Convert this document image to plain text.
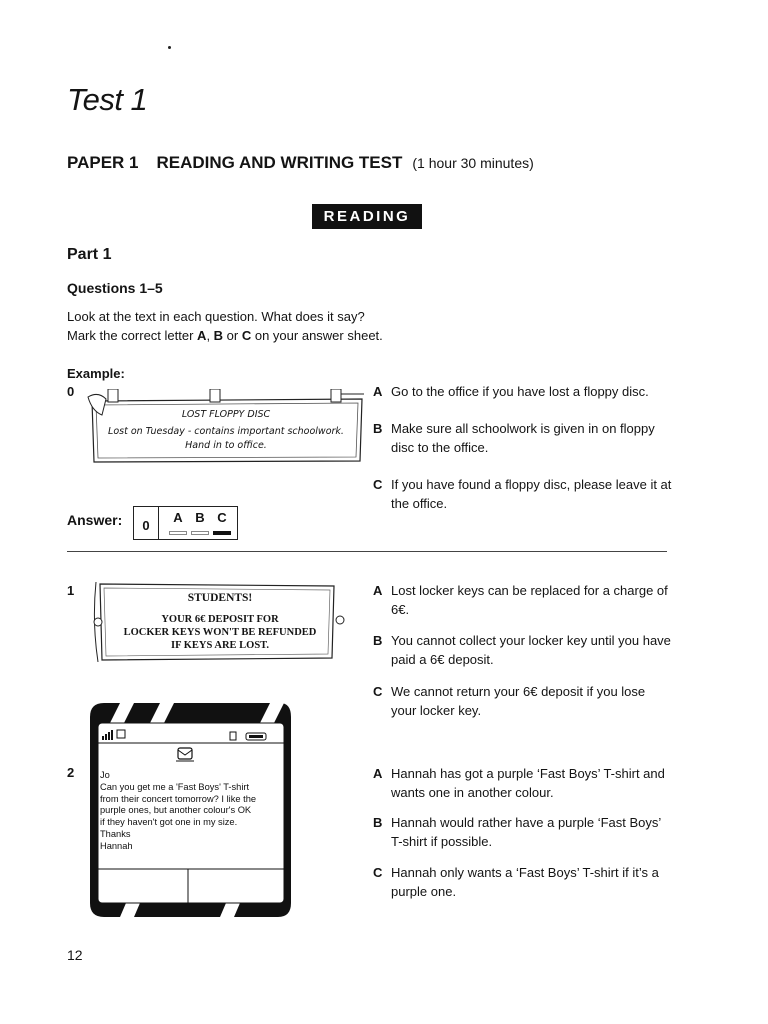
Test 1
PAPER 1 READING AND WRITING TEST (1 hour 30 minutes)
READING
Part 1
Questions 1–5
Look at the text in each question. What does it say?
Mark the correct letter A, B or C on your answer sheet.
Example:
0
LOST FLOPPY DISC
Lost on Tuesday - contains important schoolwork.
Hand in to office.
A Go to the office if you have lost a floppy disc.
B Make sure all schoolwork is given in on floppy disc to the office.
C If you have found a floppy disc, please leave it at the office.
Answer:	0
A B C
1	STUDENTS!
YOUR 6€ DEPOSIT FOR
LOCKER KEYS WON'T BE REFUNDED
IF KEYS ARE LOST.
A Lost locker keys can be replaced for a charge of 6€.
B You cannot collect your locker key until you have paid a 6€ deposit.
C We cannot return your 6€ deposit if you lose your locker key.
2	Jo
Can you get me a 'Fast Boys' T-shirt
from their concert tomorrow? I like the
purple ones, but another colour's OK
if they haven't got one in my size.
Thanks
Hannah
A Hannah has got a purple ‘Fast Boys’ T-shirt and wants one in another colour.
B Hannah would rather have a purple ‘Fast Boys’ T-shirt if possible.
C Hannah only wants a ‘Fast Boys’ T-shirt if it’s a purple one.
12
